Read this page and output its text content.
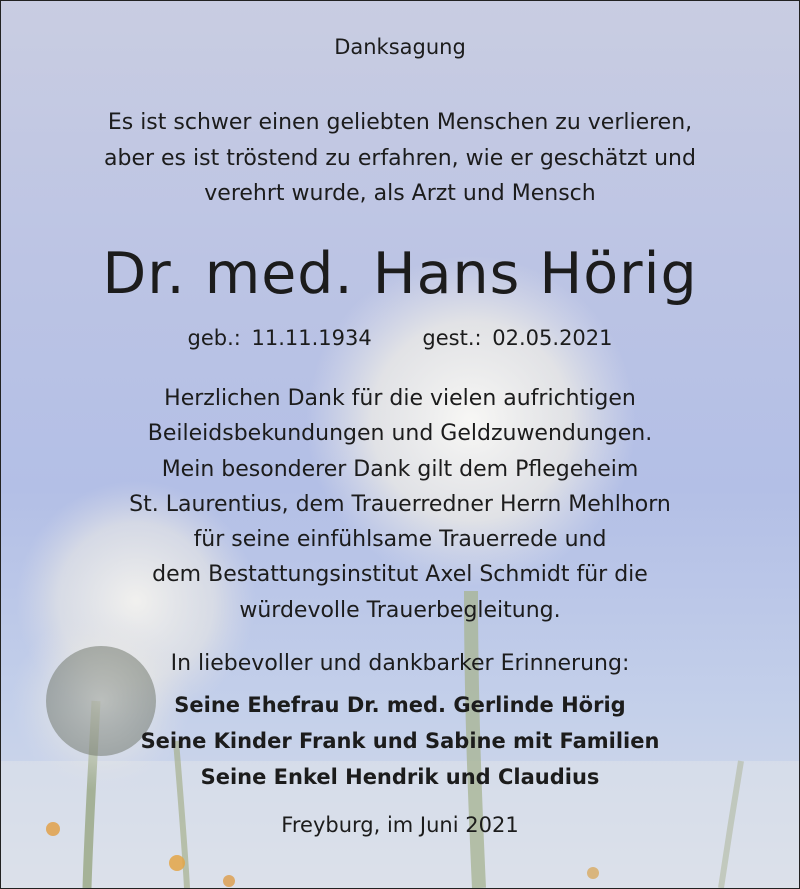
Danksagung
Es ist schwer einen geliebten Menschen zu verlieren,
aber es ist tröstend zu erfahren, wie er geschätzt und
verehrt wurde, als Arzt und Mensch
Dr. med. Hans Hörig
geb.: 11.11.1934 gest.: 02.05.2021
Herzlichen Dank für die vielen aufrichtigen
Beileidsbekundungen und Geldzuwendungen.
Mein besonderer Dank gilt dem Pflegeheim
St. Laurentius, dem Trauerredner Herrn Mehlhorn
für seine einfühlsame Trauerrede und
dem Bestattungsinstitut Axel Schmidt für die
würdevolle Trauerbegleitung.
In liebevoller und dankbarker Erinnerung:
Seine Ehefrau Dr. med. Gerlinde Hörig
Seine Kinder Frank und Sabine mit Familien
Seine Enkel Hendrik und Claudius
Freyburg, im Juni 2021
